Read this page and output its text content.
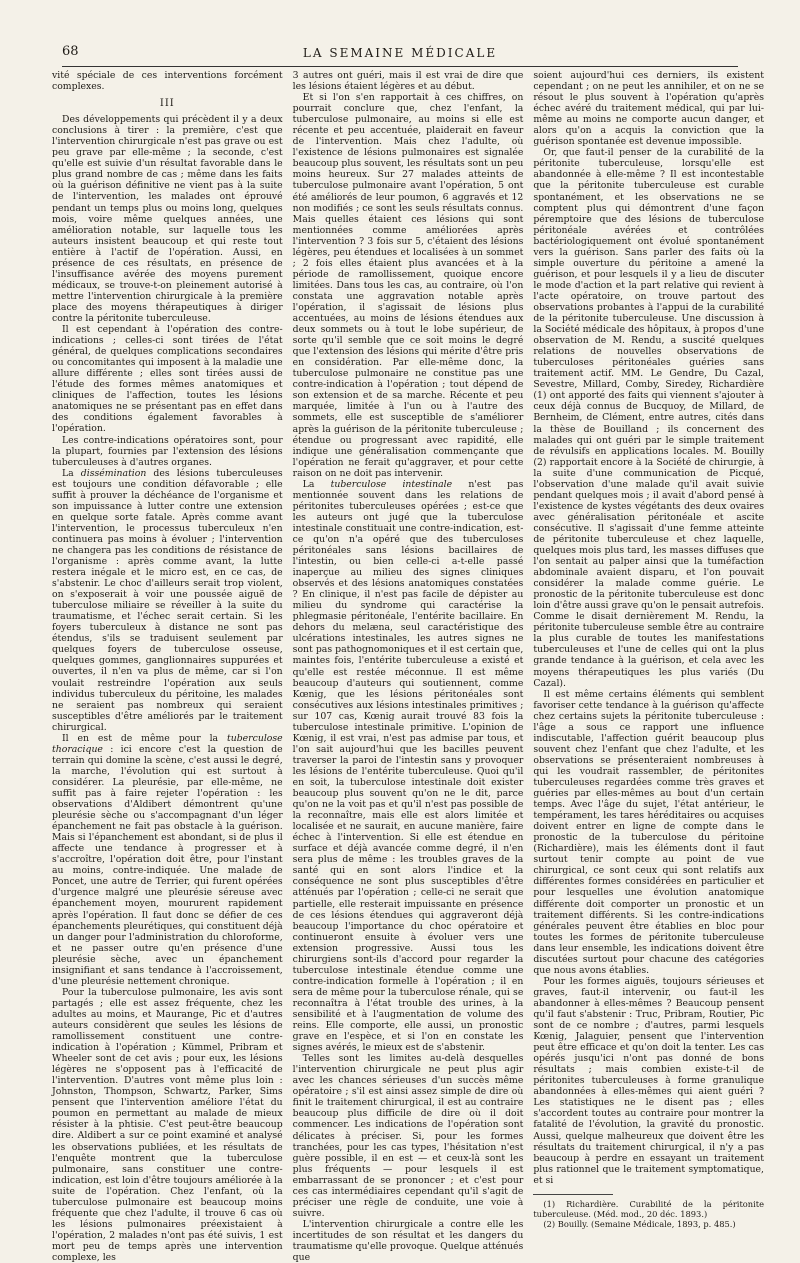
68	LA SEMAINE MÉDICALE

vité spéciale de ces interventions forcément complexes.

III

Des développements qui précèdent il y a deux conclusions à tirer : la première, c'est que l'intervention chirurgicale n'est pas grave ou est peu grave par elle-même ; la seconde, c'est qu'elle est suivie d'un résultat favorable dans le plus grand nombre de cas ; même dans les faits où la guérison définitive ne vient pas à la suite de l'intervention, les malades ont éprouvé pendant un temps plus ou moins long, quelques mois, voire même quelques années, une amélioration notable, sur laquelle tous les auteurs insistent beaucoup et qui reste tout entière à l'actif de l'opération. Aussi, en présence de ces résultats, en présence de l'insuffisance avérée des moyens purement médicaux, se trouve-t-on pleinement autorisé à mettre l'intervention chirurgicale à la première place des moyens thérapeutiques à diriger contre la péritonite tuberculeuse.

Il est cependant à l'opération des contre-indications ; celles-ci sont tirées de l'état général, de quelques complications secondaires ou concomitantes qui imposent à la maladie une allure différente ; elles sont tirées aussi de l'étude des formes mêmes anatomiques et cliniques de l'affection, toutes les lésions anatomiques ne se présentant pas en effet dans des conditions également favorables à l'opération.

Les contre-indications opératoires sont, pour la plupart, fournies par l'extension des lésions tuberculeuses à d'autres organes.

La dissémination des lésions tuberculeuses est toujours une condition défavorable ; elle suffit à prouver la déchéance de l'organisme et son impuissance à lutter contre une extension en quelque sorte fatale. Après comme avant l'intervention, le processus tuberculeux n'en continuera pas moins à évoluer ; l'intervention ne changera pas les conditions de résistance de l'organisme : après comme avant, la lutte restera inégale et le micro est, en ce cas, de s'abstenir. Le choc d'ailleurs serait trop violent, on s'exposerait à voir une poussée aiguë de tuberculose miliaire se réveiller à la suite du traumatisme, et l'échec serait certain. Si les foyers tuberculeux à distance ne sont pas étendus, s'ils se traduisent seulement par quelques foyers de tuberculose osseuse, quelques gommes, ganglionnaires suppurées et ouvertes, il n'en va plus de même, car si l'on voulait restreindre l'opération aux seuls individus tuberculeux du péritoine, les malades ne seraient pas nombreux qui seraient susceptibles d'être améliorés par le traitement chirurgical.

Il en est de même pour la tuberculose thoracique : ici encore c'est la question de terrain qui domine la scène, c'est aussi le degré, la marche, l'évolution qui est surtout à considérer. La pleurésie, par elle-même, ne suffit pas à faire rejeter l'opération : les observations d'Aldibert démontrent qu'une pleurésie sèche ou s'accompagnant d'un léger épanchement ne fait pas obstacle à la guérison. Mais si l'épanchement est abondant, si de plus il affecte une tendance à progresser et à s'accroître, l'opération doit être, pour l'instant au moins, contre-indiquée. Une malade de Poncet, une autre de Terrier, qui furent opérées d'urgence malgré une pleurésie séreuse avec épanchement moyen, moururent rapidement après l'opération. Il faut donc se défier de ces épanchements pleurétiques, qui constituent déjà un danger pour l'administration du chloroforme, et ne passer outre qu'en présence d'une pleurésie sèche, avec un épanchement insignifiant et sans tendance à l'accroissement, d'une pleurésie nettement chronique.

Pour la tuberculose pulmonaire, les avis sont partagés ; elle est assez fréquente, chez les adultes au moins, et Maurange, Pic et d'autres auteurs considèrent que seules les lésions de ramollissement constituent une contre-indication à l'opération ; Kümmel, Pribram et Wheeler sont de cet avis ; pour eux, les lésions légères ne s'opposent pas à l'efficacité de l'intervention. D'autres vont même plus loin : Johnston, Thompson, Schwartz, Parker, Sims pensent que l'intervention améliore l'état du poumon en permettant au malade de mieux résister à la phtisie. C'est peut-être beaucoup dire. Aldibert a sur ce point examiné et analysé les observations publiées, et les résultats de l'enquête montrent que la tuberculose pulmonaire, sans constituer une contre-indication, est loin d'être toujours améliorée à la suite de l'opération. Chez l'enfant, où la tuberculose pulmonaire est beaucoup moins fréquente que chez l'adulte, il trouve 6 cas où les lésions pulmonaires préexistaient à l'opération, 2 malades n'ont pas été suivis, 1 est mort peu de temps après une intervention complexe, les

3 autres ont guéri, mais il est vrai de dire que les lésions étaient légères et au début.

Et si l'on s'en rapportait à ces chiffres, on pourrait conclure que, chez l'enfant, la tuberculose pulmonaire, au moins si elle est récente et peu accentuée, plaiderait en faveur de l'intervention. Mais chez l'adulte, où l'existence de lésions pulmonaires est signalée beaucoup plus souvent, les résultats sont un peu moins heureux. Sur 27 malades atteints de tuberculose pulmonaire avant l'opération, 5 ont été améliorés de leur poumon, 6 aggravés et 12 non modifiés ; ce sont les seuls résultats connus. Mais quelles étaient ces lésions qui sont mentionnées comme améliorées après l'intervention ? 3 fois sur 5, c'étaient des lésions légères, peu étendues et localisées à un sommet ; 2 fois elles étaient plus avancées et à la période de ramollissement, quoique encore limitées. Dans tous les cas, au contraire, où l'on constata une aggravation notable après l'opération, il s'agissait de lésions plus accentuées, au moins de lésions étendues aux deux sommets ou à tout le lobe supérieur, de sorte qu'il semble que ce soit moins le degré que l'extension des lésions qui mérite d'être pris en considération. Par elle-même donc, la tuberculose pulmonaire ne constitue pas une contre-indication à l'opération ; tout dépend de son extension et de sa marche. Récente et peu marquée, limitée à l'un ou à l'autre des sommets, elle est susceptible de s'améliorer après la guérison de la péritonite tuberculeuse ; étendue ou progressant avec rapidité, elle indique une généralisation commençante que l'opération ne ferait qu'aggraver, et pour cette raison on ne doit pas intervenir.

La tuberculose intestinale n'est pas mentionnée souvent dans les relations de péritonites tuberculeuses opérées ; est-ce que les auteurs ont jugé que la tuberculose intestinale constituait une contre-indication, est-ce qu'on n'a opéré que des tuberculoses péritonéales sans lésions bacillaires de l'intestin, ou bien celle-ci a-t-elle passé inaperçue au milieu des signes cliniques observés et des lésions anatomiques constatées ? En clinique, il n'est pas facile de dépister au milieu du syndrome qui caractérise la phlegmasie péritonéale, l'entérite bacillaire. En dehors du melæna, seul caractéristique des ulcérations intestinales, les autres signes ne sont pas pathognomoniques et il est certain que, maintes fois, l'entérite tuberculeuse a existé et qu'elle est restée méconnue. Il est même beaucoup d'auteurs qui soutiennent, comme Kœnig, que les lésions péritonéales sont consécutives aux lésions intestinales primitives ; sur 107 cas, Kœnig aurait trouvé 83 fois la tuberculose intestinale primitive. L'opinion de Kœnig, il est vrai, n'est pas admise par tous, et l'on sait aujourd'hui que les bacilles peuvent traverser la paroi de l'intestin sans y provoquer les lésions de l'entérite tuberculeuse. Quoi qu'il en soit, la tuberculose intestinale doit exister beaucoup plus souvent qu'on ne le dit, parce qu'on ne la voit pas et qu'il n'est pas possible de la reconnaître, mais elle est alors limitée et localisée et ne saurait, en aucune manière, faire échec à l'intervention. Si elle est étendue en surface et déjà avancée comme degré, il n'en sera plus de même : les troubles graves de la santé qui en sont alors l'indice et la conséquence ne sont plus susceptibles d'être atténués par l'opération ; celle-ci ne serait que partielle, elle resterait impuissante en présence de ces lésions étendues qui aggraveront déjà beaucoup l'importance du choc opératoire et continueront ensuite à évoluer vers une extension progressive. Aussi tous les chirurgiens sont-ils d'accord pour regarder la tuberculose intestinale étendue comme une contre-indication formelle à l'opération ; il en sera de même pour la tuberculose rénale, qui se reconnaîtra à l'état trouble des urines, à la sensibilité et à l'augmentation de volume des reins. Elle comporte, elle aussi, un pronostic grave en l'espèce, et si l'on en constate les signes avérés, le mieux est de s'abstenir.

Telles sont les limites au-delà desquelles l'intervention chirurgicale ne peut plus agir avec les chances sérieuses d'un succès même opératoire ; s'il est ainsi assez simple de dire où finit le traitement chirurgical, il est au contraire beaucoup plus difficile de dire où il doit commencer. Les indications de l'opération sont délicates à préciser. Si, pour les formes tranchées, pour les cas types, l'hésitation n'est guère possible, il en est — et ceux-là sont les plus fréquents — pour lesquels il est embarrassant de se prononcer ; et c'est pour ces cas intermédiaires cependant qu'il s'agit de préciser une règle de conduite, une voie à suivre.

L'intervention chirurgicale a contre elle les incertitudes de son résultat et les dangers du traumatisme qu'elle provoque. Quelque atténués que

soient aujourd'hui ces derniers, ils existent cependant ; on ne peut les annihiler, et on ne se résout le plus souvent à l'opération qu'après échec avéré du traitement médical, qui par lui-même au moins ne comporte aucun danger, et alors qu'on a acquis la conviction que la guérison spontanée est devenue impossible.

Or, que faut-il penser de la curabilité de la péritonite tuberculeuse, lorsqu'elle est abandonnée à elle-même ? Il est incontestable que la péritonite tuberculeuse est curable spontanément, et les observations ne se comptent plus qui démontrent d'une façon péremptoire que des lésions de tuberculose péritonéale avérées et contrôlées bactériologiquement ont évolué spontanément vers la guérison. Sans parler des faits où la simple ouverture du péritoine a amené la guérison, et pour lesquels il y a lieu de discuter le mode d'action et la part relative qui revient à l'acte opératoire, on trouve partout des observations probantes à l'appui de la curabilité de la péritonite tuberculeuse. Une discussion à la Société médicale des hôpitaux, à propos d'une observation de M. Rendu, a suscité quelques relations de nouvelles observations de tuberculoses péritonéales guéries sans traitement actif. MM. Le Gendre, Du Cazal, Sevestre, Millard, Comby, Siredey, Richardière (1) ont apporté des faits qui viennent s'ajouter à ceux déjà connus de Bucquoy, de Millard, de Bernheim, de Clément, entre autres, cités dans la thèse de Bouilland ; ils concernent des malades qui ont guéri par le simple traitement de révulsifs en applications locales. M. Bouilly (2) rapportait encore à la Société de chirurgie, à la suite d'une communication de Picqué, l'observation d'une malade qu'il avait suivie pendant quelques mois ; il avait d'abord pensé à l'existence de kystes végétants des deux ovaires avec généralisation péritonéale et ascite consécutive. Il s'agissait d'une femme atteinte de péritonite tuberculeuse et chez laquelle, quelques mois plus tard, les masses diffuses que l'on sentait au palper ainsi que la tuméfaction abdominale avaient disparu, et l'on pouvait considérer la malade comme guérie. Le pronostic de la péritonite tuberculeuse est donc loin d'être aussi grave qu'on le pensait autrefois. Comme le disait dernièrement M. Rendu, la péritonite tuberculeuse semble être au contraire la plus curable de toutes les manifestations tuberculeuses et l'une de celles qui ont la plus grande tendance à la guérison, et cela avec les moyens thérapeutiques les plus variés (Du Cazal).

Il est même certains éléments qui semblent favoriser cette tendance à la guérison qu'affecte chez certains sujets la péritonite tuberculeuse : l'âge a sous ce rapport une influence indiscutable, l'affection guérit beaucoup plus souvent chez l'enfant que chez l'adulte, et les observations se présenteraient nombreuses à qui les voudrait rassembler, de péritonites tuberculeuses regardées comme très graves et guéries par elles-mêmes au bout d'un certain temps. Avec l'âge du sujet, l'état antérieur, le tempérament, les tares héréditaires ou acquises doivent entrer en ligne de compte dans le pronostic de la tuberculose du péritoine (Richardière), mais les éléments dont il faut surtout tenir compte au point de vue chirurgical, ce sont ceux qui sont relatifs aux différentes formes considérées en particulier et pour lesquelles une évolution anatomique différente doit comporter un pronostic et un traitement différents. Si les contre-indications générales peuvent être établies en bloc pour toutes les formes de péritonite tuberculeuse dans leur ensemble, les indications doivent être discutées surtout pour chacune des catégories que nous avons établies.

Pour les formes aiguës, toujours sérieuses et graves, faut-il intervenir, ou faut-il les abandonner à elles-mêmes ? Beaucoup pensent qu'il faut s'abstenir : Truc, Pribram, Routier, Pic sont de ce nombre ; d'autres, parmi lesquels Kœnig, Jalaguier, pensent que l'intervention peut être efficace et qu'on doit la tenter. Les cas opérés jusqu'ici n'ont pas donné de bons résultats ; mais combien existe-t-il de péritonites tuberculeuses à forme granulique abandonnées à elles-mêmes qui aient guéri ? Les statistiques ne le disent pas ; elles s'accordent toutes au contraire pour montrer la fatalité de l'évolution, la gravité du pronostic. Aussi, quelque malheureux que doivent être les résultats du traitement chirurgical, il n'y a pas beaucoup à perdre en essayant un traitement plus rationnel que le traitement symptomatique, et si

(1) Richardière. Curabilité de la péritonite tuberculeuse. (Méd. mod., 20 déc. 1893.)

(2) Bouilly. (Semaine Médicale, 1893, p. 485.)
